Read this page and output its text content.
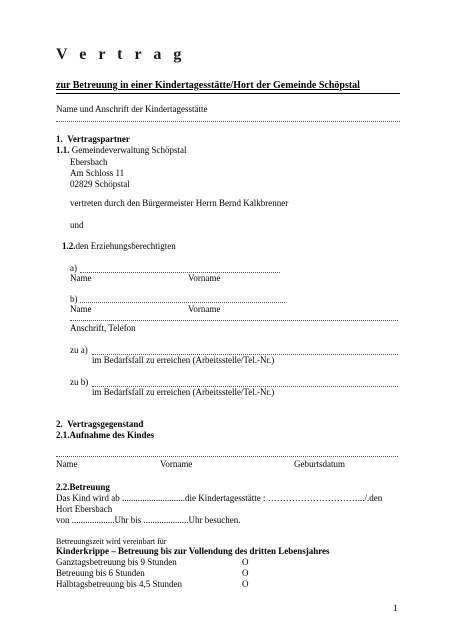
V e r t r a g
zur Betreuung in einer Kindertagesstätte/Hort der Gemeinde Schöpstal
Name und Anschrift der Kindertagesstätte
1. Vertragspartner
1.1. Gemeindeverwaltung Schöpstal
Ebersbach
Am Schloss 11
02829 Schöpstal
vertreten durch den Bürgermeister Herrn Bernd Kalkbrenner
und
1.2.den Erziehungsberechtigten
a)
Name	Vorname
b)
Name	Vorname
Anschrift, Telefon
zu a)
im Bedarfsfall zu erreichen (Arbeitsstelle/Tel.-Nr.)
zu b)
im Bedarfsfall zu erreichen (Arbeitsstelle/Tel.-Nr.)
2. Vertragsgegenstand
2.1.Aufnahme des Kindes
Name	Vorname	Geburtsdatum
2.2.Betreuung
Das Kind wird ab ............................die Kindertagesstätte : ………………………….../.den
Hort Ebersbach
von ...................Uhr bis ....................Uhr besuchen.
Betreuungszeit wird vereinbart für
Kinderkrippe – Betreuung bis zur Vollendung des dritten Lebensjahres
Ganztagsbetreuung bis 9 Stunden	O
Betreuung bis 6 Stunden	O
Halbtagsbetreuung bis 4,5 Stunden	O
1
